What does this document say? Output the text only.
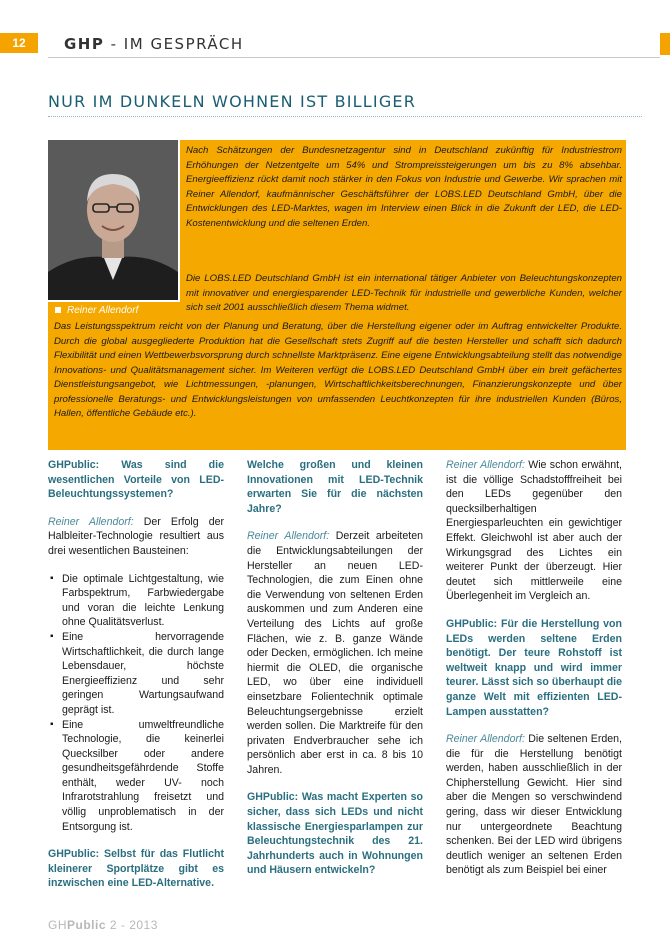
12	GHP - IM GESPRÄCH
NUR IM DUNKELN WOHNEN IST BILLIGER
Reiner Allendorf

Nach Schätzungen der Bundesnetzagentur sind in Deutschland zukünftig für Industriestrom Erhöhungen der Netzentgelte um 54% und Strompreissteigerungen um bis zu 8% absehbar. Energieeffizienz rückt damit noch stärker in den Fokus von Industrie und Gewerbe. Wir sprachen mit Reiner Allendorf, kaufmännischer Geschäftsführer der LOBS.LED Deutschland GmbH, über die Entwicklungen des LED-Marktes, wagen im Interview einen Blick in die Zukunft der LED, die LED-Kostenentwicklung und die seltenen Erden.

Die LOBS.LED Deutschland GmbH ist ein international tätiger Anbieter von Beleuchtungskonzepten mit innovativer und energiesparender LED-Technik für industrielle und gewerbliche Kunden, welcher sich seit 2001 ausschließlich diesem Thema widmet.

Das Leistungsspektrum reicht von der Planung und Beratung, über die Herstellung eigener oder im Auftrag entwickelter Produkte. Durch die global ausgegliederte Produktion hat die Gesellschaft stets Zugriff auf die besten Hersteller und schafft sich dadurch Flexibilität und einen Wettbewerbsvorsprung durch schnellste Marktpräsenz. Eine eigene Entwicklungsabteilung stellt das notwendige Innovations- und Qualitätsmanagement sicher. Im Weiteren verfügt die LOBS.LED Deutschland GmbH über ein breit gefächertes Dienstleistungsangebot, wie Lichtmessungen, -planungen, Wirtschaftlichkeitsberechnungen, Finanzierungskonzepte und über professionelle Beratungs- und Entwicklungsleistungen von umfassenden Leuchtkonzepten für ihre industriellen Kunden (Büros, Hallen, öffentliche Gebäude etc.).

GHPublic: Was sind die wesentlichen Vorteile von LED-Beleuchtungssystemen?

Reiner Allendorf: Der Erfolg der Halbleiter-Technologie resultiert aus drei wesentlichen Bausteinen:

▪ Die optimale Lichtgestaltung, wie Farbspektrum, Farbwiedergabe und voran die leichte Lenkung ohne Qualitätsverlust.
▪ Eine hervorragende Wirtschaftlichkeit, die durch lange Lebensdauer, höchste Energieeffizienz und sehr geringen Wartungsaufwand geprägt ist.
▪ Eine umweltfreundliche Technologie, die keinerlei Quecksilber oder andere gesundheitsgefährdende Stoffe enthält, weder UV- noch Infrarotstrahlung freisetzt und völlig unproblematisch in der Entsorgung ist.

GHPublic: Selbst für das Flutlicht kleinerer Sportplätze gibt es inzwischen eine LED-Alternative.

Welche großen und kleinen Innovationen mit LED-Technik erwarten Sie für die nächsten Jahre?

Reiner Allendorf: Derzeit arbeiteten die Entwicklungsabteilungen der Hersteller an neuen LED-Technologien, die zum Einen ohne die Verwendung von seltenen Erden auskommen und zum Anderen eine Verteilung des Lichts auf große Flächen, wie z. B. ganze Wände oder Decken, ermöglichen. Ich meine hiermit die OLED, die organische LED, wo über eine individuell einsetzbare Folientechnik optimale Beleuchtungsergebnisse erzielt werden sollen. Die Marktreife für den privaten Endverbraucher sehe ich persönlich aber erst in ca. 8 bis 10 Jahren.

GHPublic: Was macht Experten so sicher, dass sich LEDs und nicht klassische Energiesparlampen zur Beleuchtungstechnik des 21. Jahrhunderts auch in Wohnungen und Häusern entwickeln?

Reiner Allendorf: Wie schon erwähnt, ist die völlige Schadstofffreiheit bei den LEDs gegenüber den quecksilberhaltigen Energiesparleuchten ein gewichtiger Effekt. Gleichwohl ist aber auch der Wirkungsgrad des Lichtes ein weiterer Punkt der überzeugt. Hier deutet sich mittlerweile eine Überlegenheit im Vergleich an.

GHPublic: Für die Herstellung von LEDs werden seltene Erden benötigt. Der teure Rohstoff ist weltweit knapp und wird immer teurer. Lässt sich so überhaupt die ganze Welt mit effizienten LED-Lampen ausstatten?

Reiner Allendorf: Die seltenen Erden, die für die Herstellung benötigt werden, haben ausschließlich in der Chipherstellung Gewicht. Hier sind aber die Mengen so verschwindend gering, dass wir dieser Entwicklung nur untergeordnete Beachtung schenken. Bei der LED wird übrigens deutlich weniger an seltenen Erden benötigt als zum Beispiel bei einer

GHPublic 2 - 2013
